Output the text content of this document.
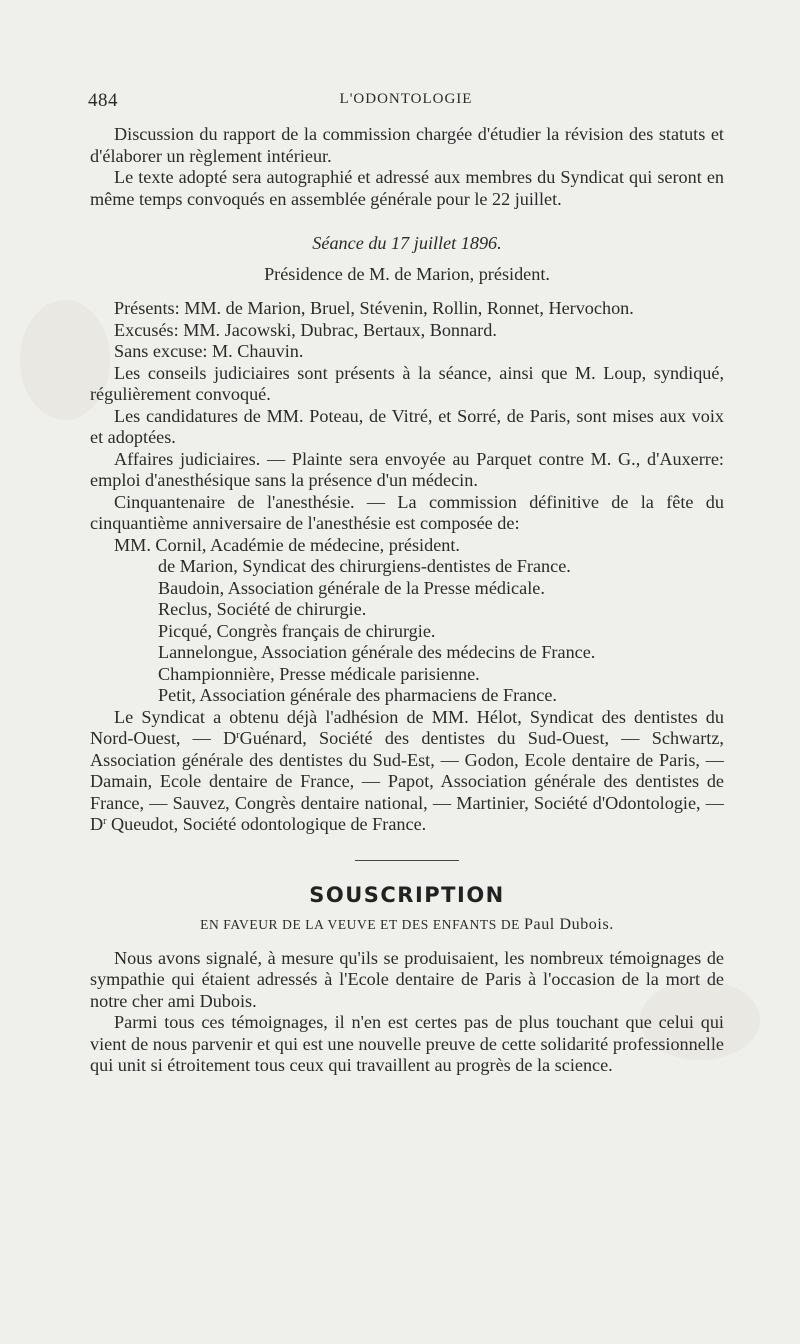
484	L'ODONTOLOGIE

Discussion du rapport de la commission chargée d'étudier la révision des statuts et d'élaborer un règlement intérieur.

Le texte adopté sera autographié et adressé aux membres du Syndicat qui seront en même temps convoqués en assemblée générale pour le 22 juillet.

Séance du 17 juillet 1896.

Présidence de M. de Marion, président.

Présents: MM. de Marion, Bruel, Stévenin, Rollin, Ronnet, Hervochon.

Excusés: MM. Jacowski, Dubrac, Bertaux, Bonnard.

Sans excuse: M. Chauvin.

Les conseils judiciaires sont présents à la séance, ainsi que M. Loup, syndiqué, régulièrement convoqué.

Les candidatures de MM. Poteau, de Vitré, et Sorré, de Paris, sont mises aux voix et adoptées.

Affaires judiciaires. — Plainte sera envoyée au Parquet contre M. G., d'Auxerre: emploi d'anesthésique sans la présence d'un médecin.

Cinquantenaire de l'anesthésie. — La commission définitive de la fête du cinquantième anniversaire de l'anesthésie est composée de:

MM. Cornil, Académie de médecine, président.

de Marion, Syndicat des chirurgiens-dentistes de France.

Baudoin, Association générale de la Presse médicale.

Reclus, Société de chirurgie.

Picqué, Congrès français de chirurgie.

Lannelongue, Association générale des médecins de France.

Championnière, Presse médicale parisienne.

Petit, Association générale des pharmaciens de France.

Le Syndicat a obtenu déjà l'adhésion de MM. Hélot, Syndicat des dentistes du Nord-Ouest, — $D^rGuénard$, Société des dentistes du Sud-Ouest, — Schwartz, Association générale des dentistes du Sud-Est, — Godon, Ecole dentaire de Paris, — Damain, Ecole dentaire de France, — Papot, Association générale des dentistes de France, — Sauvez, Congrès dentaire national, — Martinier, Société d'Odontologie, — $D^r$ Queudot, Société odontologique de France.

SOUSCRIPTION
EN FAVEUR DE LA VEUVE ET DES ENFANTS DE Paul Dubois.

Nous avons signalé, à mesure qu'ils se produisaient, les nombreux témoignages de sympathie qui étaient adressés à l'Ecole dentaire de Paris à l'occasion de la mort de notre cher ami Dubois.

Parmi tous ces témoignages, il n'en est certes pas de plus touchant que celui qui vient de nous parvenir et qui est une nouvelle preuve de cette solidarité professionnelle qui unit si étroitement tous ceux qui travaillent au progrès de la science.
